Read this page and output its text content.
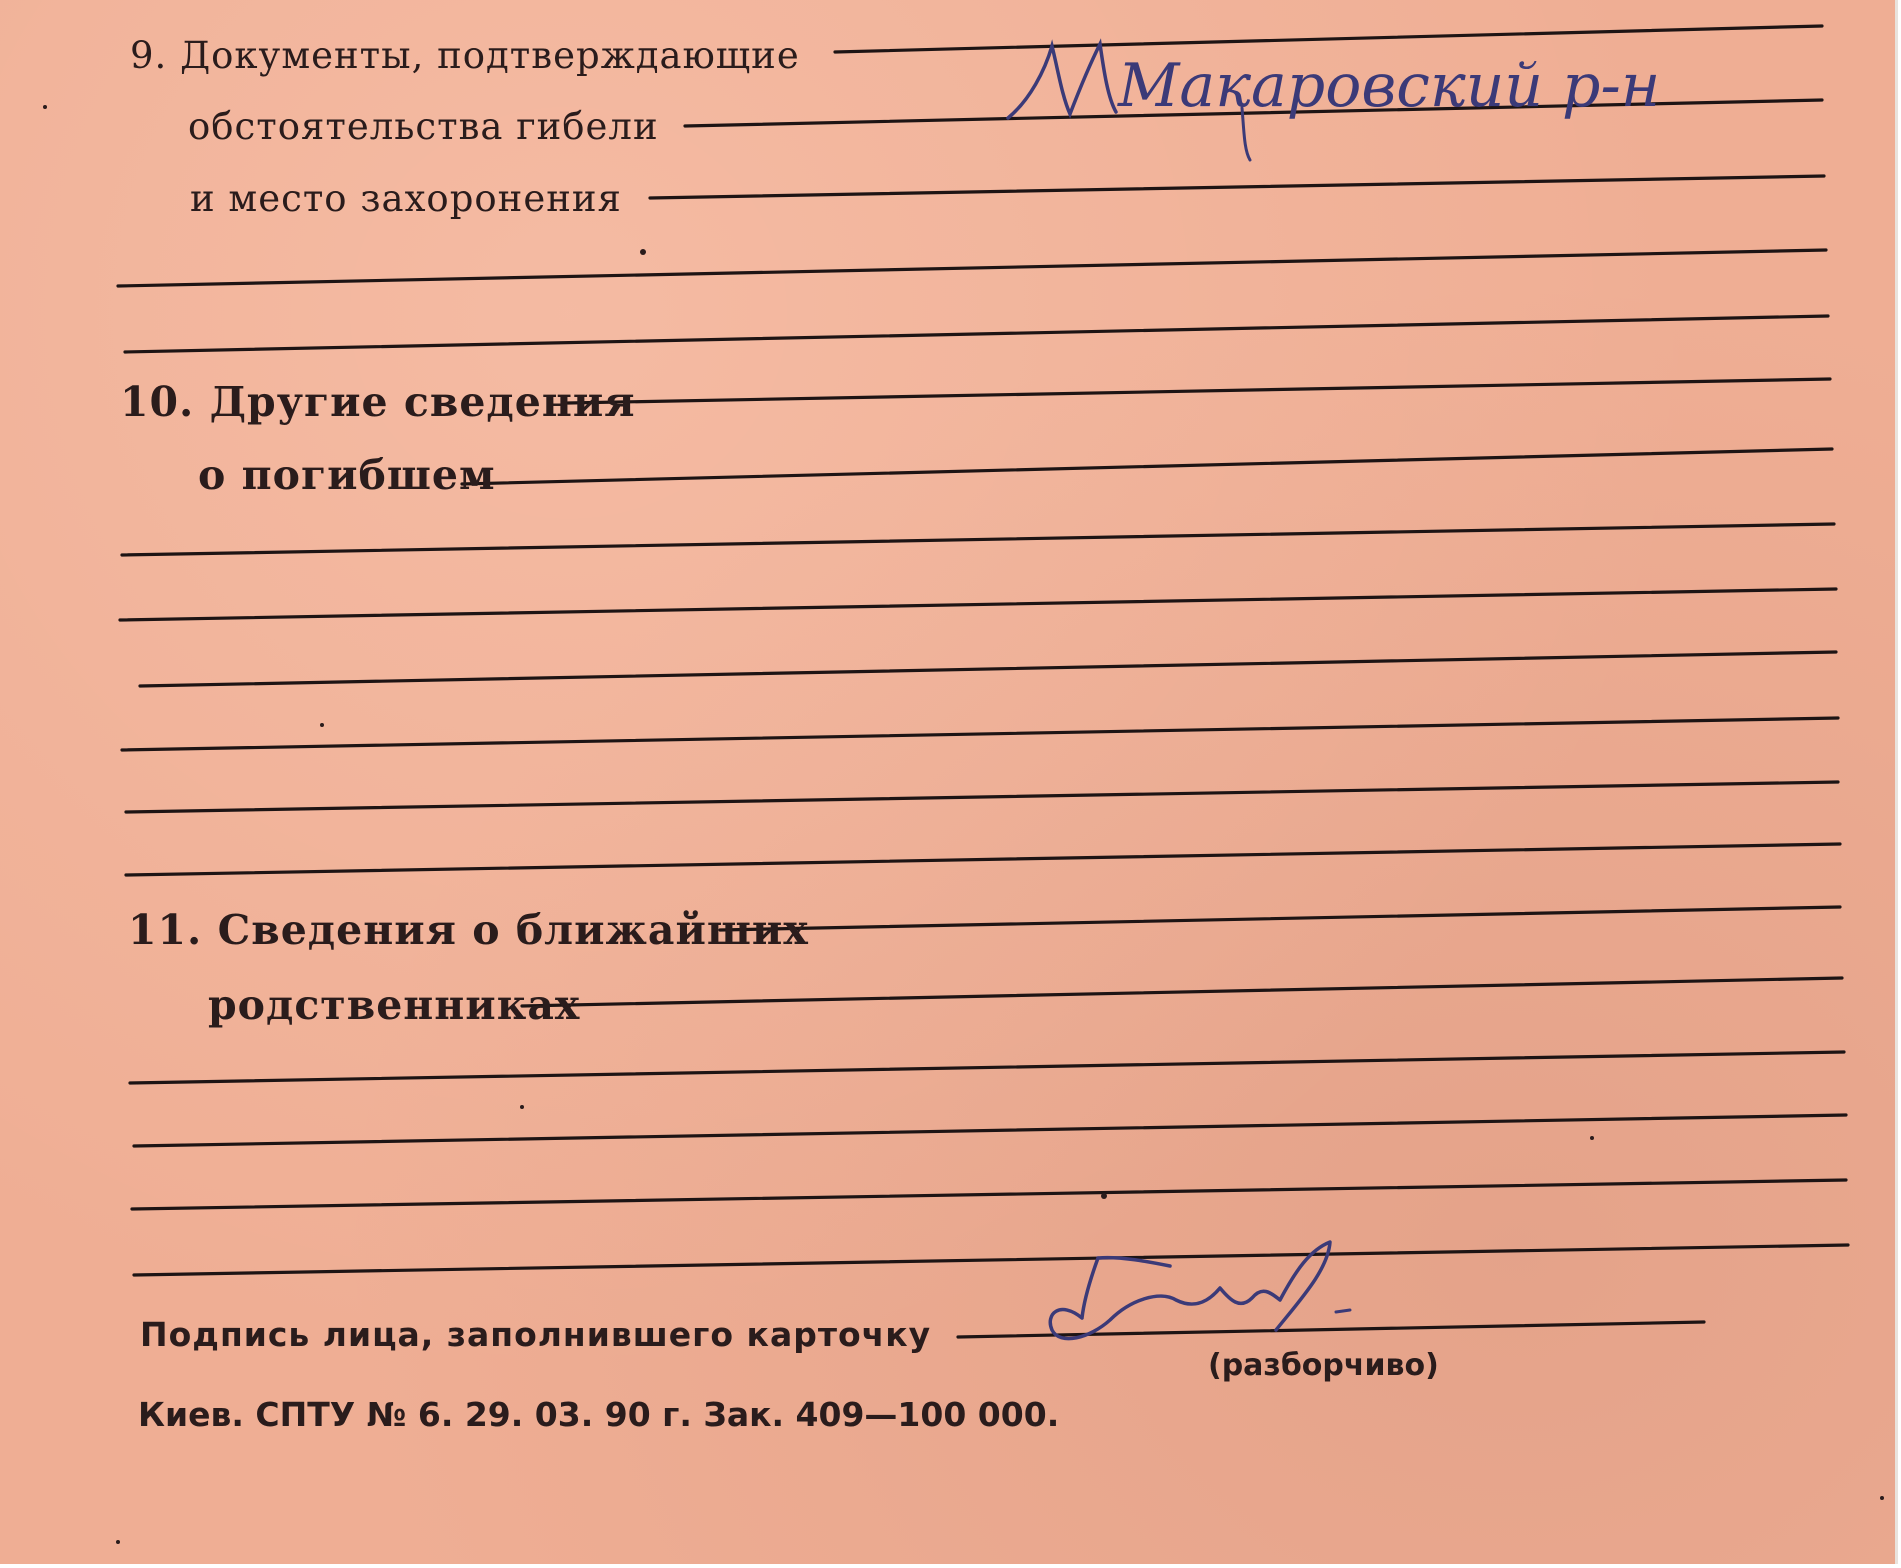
9. Документы, подтверждающие
обстоятельства гибели
и место захоронения
10. Другие сведения
о погибшем
11. Сведения о ближайших
родственниках
Подпись лица, заполнившего карточку
(разборчиво)
Киев. СПТУ № 6. 29. 03. 90 г. Зак. 409—100 000.
Макаровский р-н
